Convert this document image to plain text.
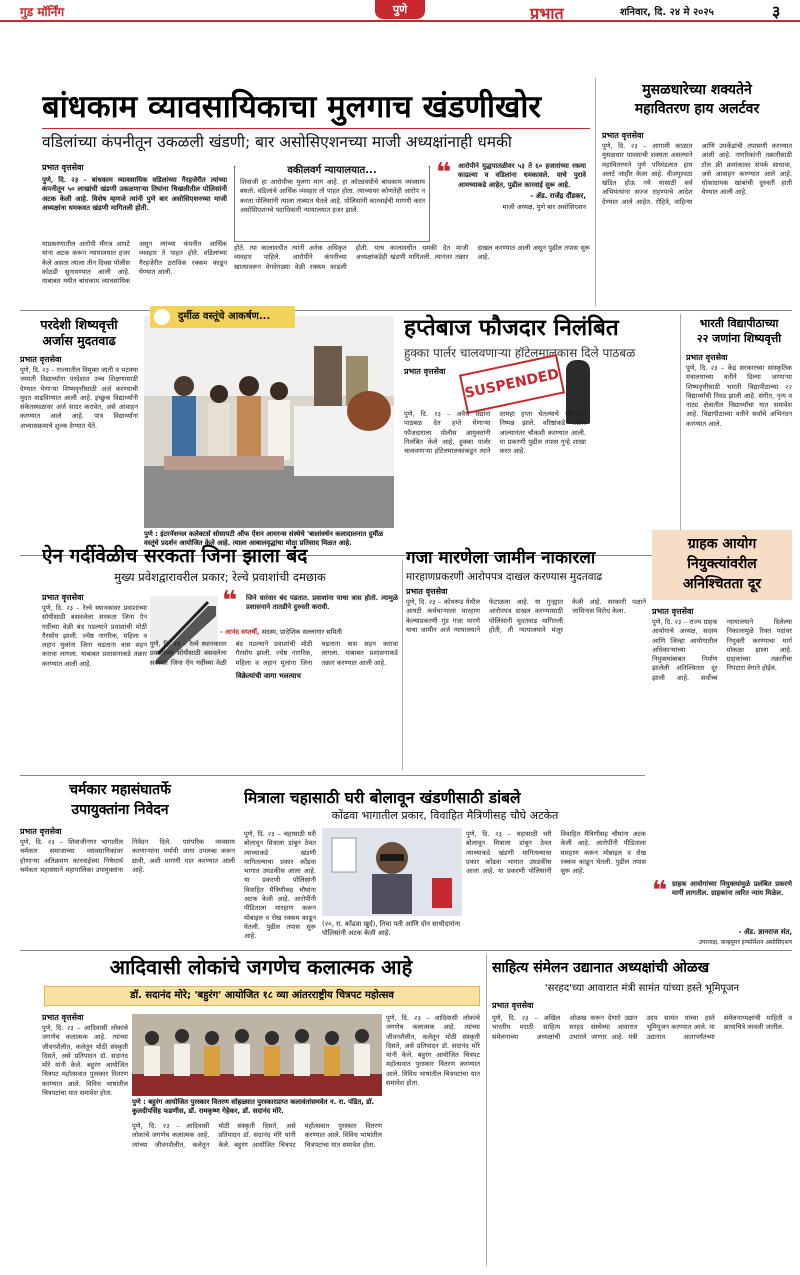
गुड मॉर्निंग	पुणे	प्रभात	शनिवार, दि. २४ मे २०२५	३
बांधकाम व्यावसायिकाचा मुलगाच खंडणीखोर
वडिलांच्या कंपनीतून उकळली खंडणी; बार असोसिएशनच्या माजी अध्यक्षांनाही धमकी
प्रभात वृत्तसेवा
पुणे, दि. २३ – बांधकाम व्यावसायिक वडिलांच्या गैरहजेरीत त्यांच्या कंपनीतून ५० लाखांची खंडणी उकळणाऱ्या तिघांना चिखलीतील पोलिसांनी अटक केली आहे. विशेष म्हणजे त्यांनी पुणे बार असोसिएशनच्या माजी अध्यक्षांना धमकवत खंडणी मागितली होती.
याप्रकरणातील आरोपी मीरज आपटे यांना अटक करून न्यायालयात हजर केले असता त्याला तीन दिवस पोलीस कोठडी सुनावण्यात आली आहे. याबाबत मयीत बांधकाम व्यावसायिक असून त्यांच्या कंपनीत आर्थिक व्यवहार ते पाहत होते. वडिलांच्या गैरहजेरीत ठराविक रक्कम काढून घेण्यात आली.
वकीलवर्ग न्यायालयात...
शिवाजी हा आरोपीचा मुलगा माग आहे. हा कोट्यवधीचे बांधकाम व्यवसाय बघतो. वडिलांचे आर्थिक व्यवहार तो पाहत होता. त्याच्यावर कोणतेही आरोप न करता पोलिसांनी त्याला ताब्यात घेतले आहे. पोलिसांनी कारवाईची मागणी करत असोसिएशनचे पदाधिकारी न्यायालयात हजर झाले.
❝ आरोपीने युद्धपातळीवर ५३ ते ६० हजारांच्या रकमा काढल्या व वडिलांना धमकावले. याचे पुरावे आमच्याकडे आहेत, पुढील कारवाई सुरू आहे.
- ॲड. राजेंद्र दौंडकर,
माजी अध्यक्ष, पुणे बार असोसिएशन
होते. त्या कालावधीत त्यांनी अनेक अधिकृत व्यवहार पाहिले. आरोपीने कंपनीच्या खात्यावरून वेगवेगळ्या वेळी रक्कम काढली होती. याच कालावधीत धमकी देत माजी अध्यक्षांकडेही खंडणी मागितली. त्यानंतर तक्रार दाखल करण्यात आली असून पुढील तपास सुरू आहे.
मुसळधारेच्या शक्यतेने
महावितरण हाय अलर्टवर
प्रभात वृत्तसेवा
पुणे, दि. २३ – आगामी काळात मुसळधार पावसाची शक्यता असल्याने महावितरणने पुणे परिमंडलात हाय अलर्ट जाहीर केला आहे. वीजपुरवठा खंडित होऊ नये यासाठी सर्व अभियंत्यांना सज्ज राहण्याचे आदेश देण्यात आले आहेत. रोहित्रे, वाहिन्या आणि उपकेंद्रांची तपासणी करण्यात आली आहे. नागरिकांनी तक्रारीसाठी टोल फ्री क्रमांकावर संपर्क साधावा, असे आवाहन करण्यात आले आहे. धोकादायक खांबांची दुरुस्ती हाती घेण्यात आली आहे.
परदेशी शिष्यवृत्ती
अर्जास मुदतवाढ
प्रभात वृत्तसेवा
पुणे, दि. २३ – राज्यातील विमुक्त जाती व भटक्या जमाती विद्यार्थ्यांना परदेशात उच्च शिक्षणासाठी देण्यात येणाऱ्या शिष्यवृत्तीसाठी अर्ज करण्याची मुदत वाढविण्यात आली आहे. इच्छुक विद्यार्थ्यांनी संकेतस्थळावर अर्ज सादर करावेत, असे आवाहन करण्यात आले आहे. पात्र विद्यार्थ्यांना अभ्यासक्रमाचे शुल्क देण्यात येते.
दुर्मीळ वस्तूंचे आकर्षण...
पुणे : इंटरनॅशनल कलेक्टर्स सोसायटी ऑफ ऐंशन आयरन्स संस्थेचे 'बालांवर्धन कलादालनात दुर्मीळ वस्तूंचे प्रदर्शन आयोजित केले आहे. त्याला आबालवृद्धांचा मोठा प्रतिसाद मिळत आहे.
हप्तेबाज फौजदार निलंबित
हुक्का पार्लर चालवणाऱ्या हॉटेलमालकास दिले पाठबळ
प्रभात वृत्तसेवा	SUSPENDED
पुणे, दि. २३ – अवैध धंद्यांना पाठबळ देत हप्ते घेणाऱ्या फौजदाराला पोलीस आयुक्तांनी निलंबित केले आहे. हुक्का पार्लर चालवणाऱ्या हॉटेलमालकाकडून त्याने दरमहा हप्ता घेतल्याचे चौकशीत निष्पन्न झाले. वरिष्ठांकडे तक्रार आल्यानंतर चौकशी करण्यात आली. या प्रकरणी पुढील तपास गुन्हे शाखा करत आहे.
भारती विद्यापीठाच्या
२२ जणांना शिष्यवृत्ती
प्रभात वृत्तसेवा
पुणे, दि. २३ – केंद्र सरकारच्या सांस्कृतिक मंत्रालयाच्या वतीने दिल्या जाणाऱ्या शिष्यवृत्तीसाठी भारती विद्यापीठाच्या २२ विद्यार्थ्यांची निवड झाली आहे. संगीत, नृत्य व नाट्य क्षेत्रातील विद्यार्थ्यांचा यात समावेश आहे. विद्यापीठाच्या वतीने सर्वांचे अभिनंदन करण्यात आले.
ऐन गर्दीवेळीच सरकता जिना झाला बंद
मुख्य प्रवेशद्वारावरील प्रकार; रेल्वे प्रवाशांची दमछाक
प्रभात वृत्तसेवा
पुणे, दि. २३ – रेल्वे स्थानकावर प्रवाशांच्या सोयीसाठी बसवलेला सरकता जिना ऐन गर्दीच्या वेळी बंद पडल्याने प्रवाशांची मोठी गैरसोय झाली. ज्येष्ठ नागरिक, महिला व लहान मुलांना जिना चढताना त्रास सहन करावा लागला. याबाबत प्रशासनाकडे तक्रार करण्यात आली आहे.
❝ जिने वारंवार बंद पडतात. प्रवाशांना याचा त्रास होतो. त्यामुळे प्रशासनाने तातडीने दुरुस्ती करावी.
- आनंद सप्तर्षी, सदस्य, प्रादेशिक सल्लागार समिती
पुणे, दि. २३ – रेल्वे स्थानकावर प्रवाशांच्या सोयीसाठी बसवलेला सरकता जिना ऐन गर्दीच्या वेळी बंद पडल्याने प्रवाशांची मोठी गैरसोय झाली. ज्येष्ठ नागरिक, महिला व लहान मुलांना जिना चढताना त्रास सहन करावा लागला. याबाबत प्रशासनाकडे तक्रार करण्यात आली आहे.
विक्रेत्यांची जागा भलत्याच
गजा मारणेला जामीन नाकारला
मारहाणप्रकरणी आरोपपत्र दाखल करण्यास मुदतवाढ
प्रभात वृत्तसेवा
पुणे, दि. २३ – कोथरूड येथील आयटी कर्मचाऱ्याला मारहाण केल्याप्रकरणी गुंड गजा मारणे याचा जामीन अर्ज न्यायालयाने फेटाळला आहे. या गुन्ह्यात आरोपपत्र दाखल करण्यासाठी पोलिसांनी मुदतवाढ मागितली होती, ती न्यायालयाने मंजूर केली आहे. सरकारी पक्षाने जामिनास विरोध केला.
ग्राहक आयोग
नियुक्त्यांवरील
अनिश्चितता दूर
प्रभात वृत्तसेवा
पुणे, दि. २३ – राज्य ग्राहक आयोगाचे अध्यक्ष, सदस्य आणि जिल्हा आयोगातील अधिकाऱ्यांच्या नियुक्त्यांबाबत निर्माण झालेली अनिश्चितता दूर झाली आहे. सर्वोच्च न्यायालयाने दिलेल्या निकालामुळे रिक्त पदांवर नियुक्ती करण्याचा मार्ग मोकळा झाला आहे. ग्राहकांच्या तक्रारींचा निपटारा वेगाने होईल.
❝ ग्राहक आयोगांच्या नियुक्त्यांमुळे प्रलंबित प्रकरणे मार्गी लागतील. ग्राहकांना त्वरित न्याय मिळेल.
- ॲड. ज्ञानराज संत,
उपाध्यक्ष, कन्झ्युमर इन्फॉर्मेशन असोसिएशन
चर्मकार महासंघातर्फे
उपायुक्तांना निवेदन
प्रभात वृत्तसेवा
पुणे, दि. २३ – शिवाजीनगर भागातील चर्मकार समाजाच्या व्यावसायिकांवर होणाऱ्या अतिक्रमण कारवाईच्या निषेधार्थ चर्मकार महासंघाने महापालिका उपायुक्तांना निवेदन दिले. पारंपरिक व्यवसाय करणाऱ्यांना पर्यायी जागा उपलब्ध करून द्यावी, अशी मागणी यात करण्यात आली आहे.
मित्राला चहासाठी घरी बोलावून खंडणीसाठी डांबले
कोंढवा भागातील प्रकार, विवाहित मैत्रिणीसह चौघे अटकेत
पुणे, दि. २३ – चहासाठी घरी बोलावून मित्राला डांबून ठेवत त्याच्याकडे खंडणी मागितल्याचा प्रकार कोंढवा भागात उघडकीस आला आहे. या प्रकरणी पोलिसांनी विवाहित मैत्रिणीसह चौघांना अटक केली आहे. आरोपींनी पीडिताला मारहाण करून मोबाइल व रोख रक्कम काढून घेतली. पुढील तपास सुरू आहे.
(२०, रा. कोंढवा खुर्द), तिचा पती आणि दोन साथीदारांना पोलिसांनी अटक केली आहे.
पुणे, दि. २३ – चहासाठी घरी बोलावून मित्राला डांबून ठेवत त्याच्याकडे खंडणी मागितल्याचा प्रकार कोंढवा भागात उघडकीस आला आहे. या प्रकरणी पोलिसांनी विवाहित मैत्रिणीसह चौघांना अटक केली आहे. आरोपींनी पीडिताला मारहाण करून मोबाइल व रोख रक्कम काढून घेतली. पुढील तपास सुरू आहे.
आदिवासी लोकांचे जगणेच कलात्मक आहे
डॉ. सदानंद मोरे; 'बहुरंग' आयोजित १८ व्या आंतरराष्ट्रीय चित्रपट महोत्सव
प्रभात वृत्तसेवा
पुणे, दि. २३ – आदिवासी लोकांचे जगणेच कलात्मक आहे. त्यांच्या जीवनशैलीत, कलेतून मोठी संस्कृती दिसते, असे प्रतिपादन डॉ. सदानंद मोरे यांनी केले. बहुरंग आयोजित चित्रपट महोत्सवात पुरस्कार वितरण करण्यात आले. विविध भाषांतील चित्रपटांचा यात समावेश होता.
पुणे : बहुरंग आयोजित पुरस्कार वितरण सोहळ्यात पुरस्कारप्राप्त कलावंतांसमवेत न. रा. पंडित, डॉ. कुलदीपसिंह फडणीस, डॉ. रामकृष्ण गेहेकर, डॉ. सदानंद मोरे.
पुणे, दि. २३ – आदिवासी लोकांचे जगणेच कलात्मक आहे. त्यांच्या जीवनशैलीत, कलेतून मोठी संस्कृती दिसते, असे प्रतिपादन डॉ. सदानंद मोरे यांनी केले. बहुरंग आयोजित चित्रपट महोत्सवात पुरस्कार वितरण करण्यात आले. विविध भाषांतील चित्रपटांचा यात समावेश होता.
पुणे, दि. २३ – आदिवासी लोकांचे जगणेच कलात्मक आहे. त्यांच्या जीवनशैलीत, कलेतून मोठी संस्कृती दिसते, असे प्रतिपादन डॉ. सदानंद मोरे यांनी केले. बहुरंग आयोजित चित्रपट महोत्सवात पुरस्कार वितरण करण्यात आले. विविध भाषांतील चित्रपटांचा यात समावेश होता.
साहित्य संमेलन उद्यानात अध्यक्षांची ओळख
'सरहद'च्या आवारात मंत्री सामंत यांच्या हस्ते भूमिपूजन
प्रभात वृत्तसेवा
पुणे, दि. २३ – अखिल भारतीय मराठी साहित्य संमेलनाच्या अध्यक्षांची ओळख करून देणारे उद्यान सरहद संस्थेच्या आवारात उभारले जाणार आहे. मंत्री उदय सामंत यांच्या हस्ते भूमिपूजन करण्यात आले. या उद्यानात आतापर्यंतच्या संमेलनाध्यक्षांची माहिती व छायाचित्रे लावली जातील.
